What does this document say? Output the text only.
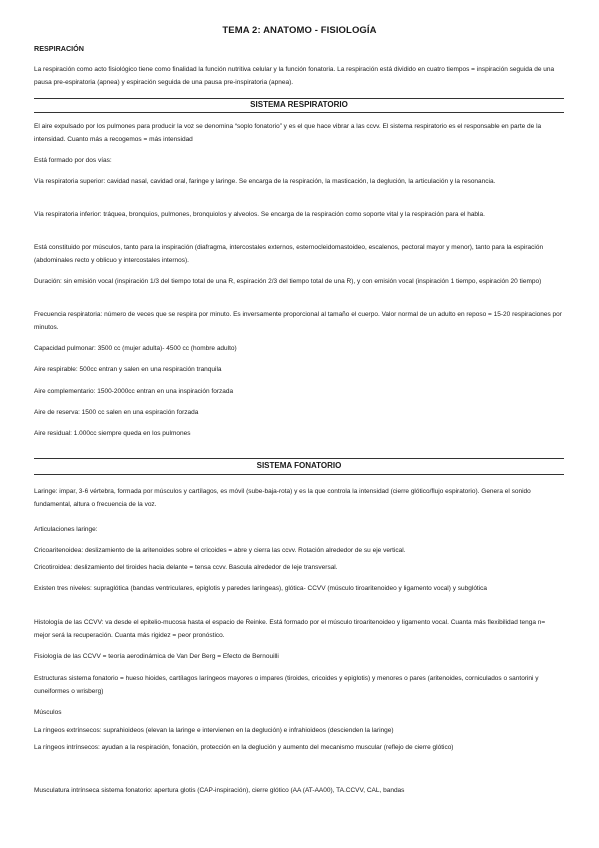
TEMA 2: ANATOMO - FISIOLOGÍA
RESPIRACIÓN

La respiración como acto fisiológico tiene como finalidad la función nutritiva celular y la función fonatoria. La respiración está dividido en cuatro tiempos = inspiración seguida de una pausa pre-espiratoria (apnea) y espiración seguida de una pausa pre-inspiratoria (apnea).

SISTEMA RESPIRATORIO

El aire expulsado por los pulmones para producir la voz se denomina “soplo fonatorio” y es el que hace vibrar a las ccvv. El sistema respiratorio es el responsable en parte de la intensidad. Cuanto más a recogemos = más intensidad

Está formado por dos vías:

Vía respiratoria superior: cavidad nasal, cavidad oral, faringe y laringe. Se encarga de la respiración, la masticación, la deglución, la articulación y la resonancia.

Vía respiratoria inferior: tráquea, bronquios, pulmones, bronquiolos y alveolos. Se encarga de la respiración como soporte vital y la respiración para el habla.

Está constituido por músculos, tanto para la inspiración (diafragma, intercostales externos, esternocleidomastoideo, escalenos, pectoral mayor y menor), tanto para la espiración (abdominales recto y oblicuo y intercostales internos).

Duración: sin emisión vocal (inspiración 1/3 del tiempo total de una R, espiración 2/3 del tiempo total de una R), y con emisión vocal (inspiración 1 tiempo, espiración 20 tiempo)

Frecuencia respiratoria: número de veces que se respira por minuto. Es inversamente proporcional al tamaño el cuerpo. Valor normal de un adulto en reposo = 15-20 respiraciones por minutos.

Capacidad pulmonar: 3500 cc (mujer adulta)- 4500 cc (hombre adulto)

Aire respirable: 500cc entran y salen en una respiración tranquila

Aire complementario: 1500-2000cc entran en una inspiración forzada

Aire de reserva: 1500 cc salen en una espiración forzada

Aire residual: 1.000cc siempre queda en los pulmones

SISTEMA FONATORIO

Laringe: impar, 3-6 vértebra, formada por músculos y cartílagos, es móvil (sube-baja-rota) y es la que controla la intensidad (cierre glótico/flujo espiratorio). Genera el sonido fundamental, altura o frecuencia de la voz.

Articulaciones laringe:

Cricoaritenoidea: deslizamiento de la aritenoides sobre el cricoides = abre y cierra las ccvv. Rotación alrededor de su eje vertical.

Cricotiroidea: deslizamiento del tiroides hacia delante = tensa ccvv. Bascula alrededor de leje transversal.

Existen tres niveles: supraglótica (bandas ventriculares, epiglotis y paredes laríngeas), glótica- CCVV (músculo tiroaritenoideo y ligamento vocal) y subglótica

Histología de las CCVV: va desde el epitelio-mucosa hasta el espacio de Reinke. Está formado por el músculo tiroaritenoideo y ligamento vocal. Cuanta más flexibilidad tenga n= mejor será la recuperación. Cuanta más rigidez = peor pronóstico.

Fisiología de las CCVV = teoría aerodinámica de Van Der Berg = Efecto de Bernouilli

Estructuras sistema fonatorio = hueso hioides, cartílagos laríngeos mayores o impares (tiroides, cricoides y epiglotis) y menores o pares (aritenoides, corniculados o santorini y cuneiformes o wrisberg)

Músculos

La ríngeos extrínsecos: suprahioideos (elevan la laringe e intervienen en la deglución) e infrahioideos (descienden la laringe)

La ríngeos intrínsecos: ayudan a la respiración, fonación, protección en la deglución y aumento del mecanismo muscular (reflejo de cierre glótico)

Musculatura intrínseca sistema fonatorio: apertura glotis (CAP-inspiración), cierre glótico (AA (AT-AA00), TA.CCVV, CAL, bandas
